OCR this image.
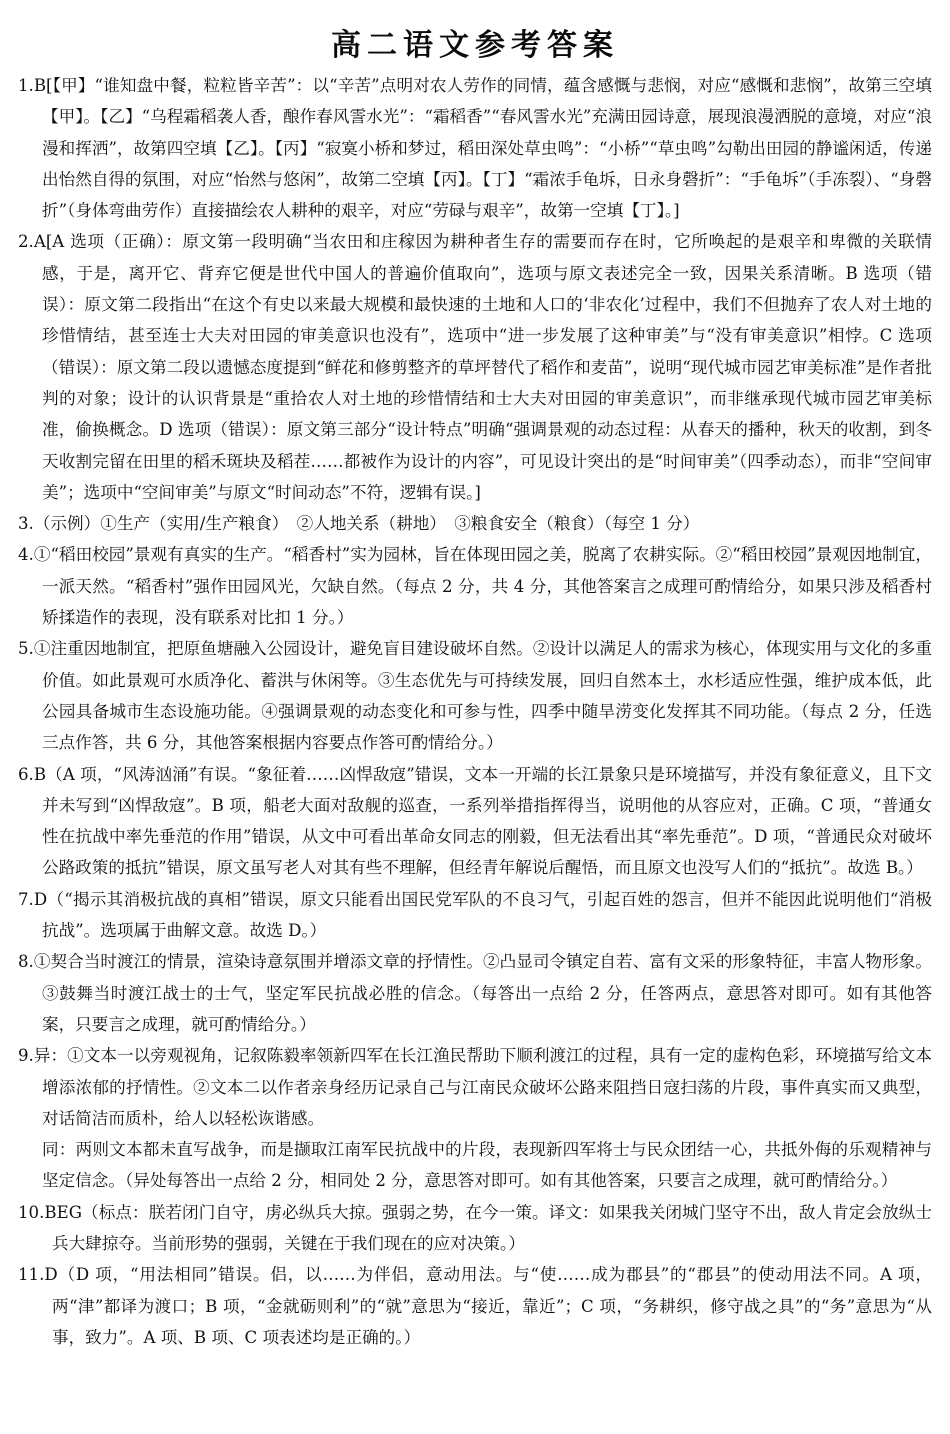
高二语文参考答案

1.B[【甲】“谁知盘中餐，粒粒皆辛苦”：以“辛苦”点明对农人劳作的同情，蕴含感慨与悲悯，对应“感慨和悲悯”，故第三空填【甲】。【乙】“乌程霜稻袭人香，酿作春风霅水光”：“霜稻香”“春风霅水光”充满田园诗意，展现浪漫洒脱的意境，对应“浪漫和挥洒”，故第四空填【乙】。【丙】“寂寞小桥和梦过，稻田深处草虫鸣”：“小桥”“草虫鸣”勾勒出田园的静谧闲适，传递出怡然自得的氛围，对应“怡然与悠闲”，故第二空填【丙】。【丁】“霜浓手龟坼，日永身磬折”：“手龟坼”（手冻裂）、“身磬折”（身体弯曲劳作）直接描绘农人耕种的艰辛，对应“劳碌与艰辛”，故第一空填【丁】。]

2.A[A 选项（正确）：原文第一段明确“当农田和庄稼因为耕种者生存的需要而存在时，它所唤起的是艰辛和卑微的关联情感，于是，离开它、背弃它便是世代中国人的普遍价值取向”，选项与原文表述完全一致，因果关系清晰。B 选项（错误）：原文第二段指出“在这个有史以来最大规模和最快速的土地和人口的‘非农化’过程中，我们不但抛弃了农人对土地的珍惜情结，甚至连士大夫对田园的审美意识也没有”，选项中“进一步发展了这种审美”与“没有审美意识”相悖。C 选项（错误）：原文第二段以遗憾态度提到“鲜花和修剪整齐的草坪替代了稻作和麦苗”，说明“现代城市园艺审美标准”是作者批判的对象；设计的认识背景是“重拾农人对土地的珍惜情结和士大夫对田园的审美意识”，而非继承现代城市园艺审美标准，偷换概念。D 选项（错误）：原文第三部分“设计特点”明确“强调景观的动态过程：从春天的播种，秋天的收割，到冬天收割完留在田里的稻禾斑块及稻茬……都被作为设计的内容”，可见设计突出的是“时间审美”（四季动态），而非“空间审美”；选项中“空间审美”与原文“时间动态”不符，逻辑有误。]

3.（示例）①生产（实用/生产粮食）　②人地关系（耕地）　③粮食安全（粮食）（每空 1 分）

4.①“稻田校园”景观有真实的生产。“稻香村”实为园林，旨在体现田园之美，脱离了农耕实际。②“稻田校园”景观因地制宜，一派天然。“稻香村”强作田园风光，欠缺自然。（每点 2 分，共 4 分，其他答案言之成理可酌情给分，如果只涉及稻香村矫揉造作的表现，没有联系对比扣 1 分。）

5.①注重因地制宜，把原鱼塘融入公园设计，避免盲目建设破坏自然。②设计以满足人的需求为核心，体现实用与文化的多重价值。如此景观可水质净化、蓄洪与休闲等。③生态优先与可持续发展，回归自然本土，水杉适应性强，维护成本低，此公园具备城市生态设施功能。④强调景观的动态变化和可参与性，四季中随旱涝变化发挥其不同功能。（每点 2 分，任选三点作答，共 6 分，其他答案根据内容要点作答可酌情给分。）

6.B（A 项，“风涛汹涌”有误。“象征着……凶悍敌寇”错误，文本一开端的长江景象只是环境描写，并没有象征意义，且下文并未写到“凶悍敌寇”。B 项，船老大面对敌舰的巡查，一系列举措指挥得当，说明他的从容应对，正确。C 项，“普通女性在抗战中率先垂范的作用”错误，从文中可看出革命女同志的刚毅，但无法看出其“率先垂范”。D 项，“普通民众对破坏公路政策的抵抗”错误，原文虽写老人对其有些不理解，但经青年解说后醒悟，而且原文也没写人们的“抵抗”。故选 B。）

7.D（“揭示其消极抗战的真相”错误，原文只能看出国民党军队的不良习气，引起百姓的怨言，但并不能因此说明他们“消极抗战”。选项属于曲解文意。故选 D。）

8.①契合当时渡江的情景，渲染诗意氛围并增添文章的抒情性。②凸显司令镇定自若、富有文采的形象特征，丰富人物形象。③鼓舞当时渡江战士的士气，坚定军民抗战必胜的信念。（每答出一点给 2 分，任答两点，意思答对即可。如有其他答案，只要言之成理，就可酌情给分。）

9.异：①文本一以旁观视角，记叙陈毅率领新四军在长江渔民帮助下顺利渡江的过程，具有一定的虚构色彩，环境描写给文本增添浓郁的抒情性。②文本二以作者亲身经历记录自己与江南民众破坏公路来阻挡日寇扫荡的片段，事件真实而又典型，对话简洁而质朴，给人以轻松诙谐感。

同：两则文本都未直写战争，而是撷取江南军民抗战中的片段，表现新四军将士与民众团结一心，共抵外侮的乐观精神与坚定信念。（异处每答出一点给 2 分，相同处 2 分，意思答对即可。如有其他答案，只要言之成理，就可酌情给分。）

10.BEG（标点：朕若闭门自守，虏必纵兵大掠。强弱之势，在今一策。译文：如果我关闭城门坚守不出，敌人肯定会放纵士兵大肆掠夺。当前形势的强弱，关键在于我们现在的应对决策。）

11.D（D 项，“用法相同”错误。侣，以……为伴侣，意动用法。与“使……成为郡县”的“郡县”的使动用法不同。A 项，两“津”都译为渡口；B 项，“金就砺则利”的“就”意思为“接近，靠近”；C 项，“务耕织，修守战之具”的“务”意思为“从事，致力”。A 项、B 项、C 项表述均是正确的。）
